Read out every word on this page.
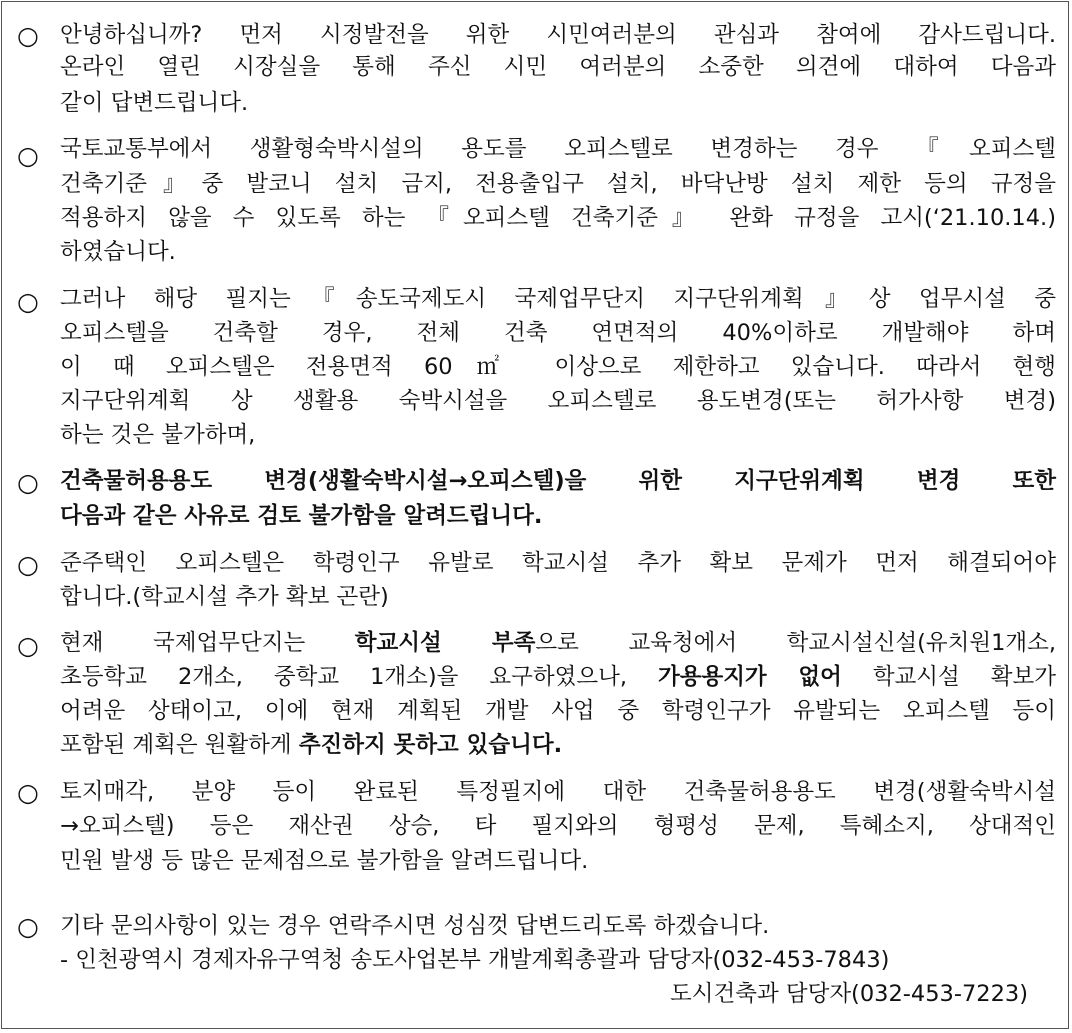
○ 안녕하십니까? 먼저 시정발전을 위한 시민여러분의 관심과 참여에 감사드립니다.
온라인 열린 시장실을 통해 주신 시민 여러분의 소중한 의견에 대하여 다음과
같이 답변드립니다.
○ 국토교통부에서 생활형숙박시설의 용도를 오피스텔로 변경하는 경우 『오피스텔
건축기준』중 발코니 설치 금지, 전용출입구 설치, 바닥난방 설치 제한 등의 규정을
적용하지 않을 수 있도록 하는 『오피스텔 건축기준』 완화 규정을 고시(‘21.10.14.)
하였습니다.
○ 그러나 해당 필지는『송도국제도시 국제업무단지 지구단위계획』상 업무시설 중
오피스텔을 건축할 경우, 전체 건축 연면적의 40%이하로 개발해야 하며
이 때 오피스텔은 전용면적 60㎡ 이상으로 제한하고 있습니다. 따라서 현행
지구단위계획 상 생활용 숙박시설을 오피스텔로 용도변경(또는 허가사항 변경)
하는 것은 불가하며,
○ 건축물허용용도 변경(생활숙박시설→오피스텔)을 위한 지구단위계획 변경 또한
다음과 같은 사유로 검토 불가함을 알려드립니다.
○ 준주택인 오피스텔은 학령인구 유발로 학교시설 추가 확보 문제가 먼저 해결되어야
합니다.(학교시설 추가 확보 곤란)
○ 현재 국제업무단지는 학교시설 부족으로 교육청에서 학교시설신설(유치원1개소,
초등학교 2개소, 중학교 1개소)을 요구하였으나, 가용용지가 없어 학교시설 확보가
어려운 상태이고, 이에 현재 계획된 개발 사업 중 학령인구가 유발되는 오피스텔 등이
포함된 계획은 원활하게 추진하지 못하고 있습니다.
○ 토지매각, 분양 등이 완료된 특정필지에 대한 건축물허용용도 변경(생활숙박시설
→오피스텔) 등은 재산권 상승, 타 필지와의 형평성 문제, 특혜소지, 상대적인
민원 발생 등 많은 문제점으로 불가함을 알려드립니다.
○ 기타 문의사항이 있는 경우 연락주시면 성심껏 답변드리도록 하겠습니다.
- 인천광역시 경제자유구역청 송도사업본부 개발계획총괄과 담당자(032-453-7843)
도시건축과 담당자(032-453-7223)
